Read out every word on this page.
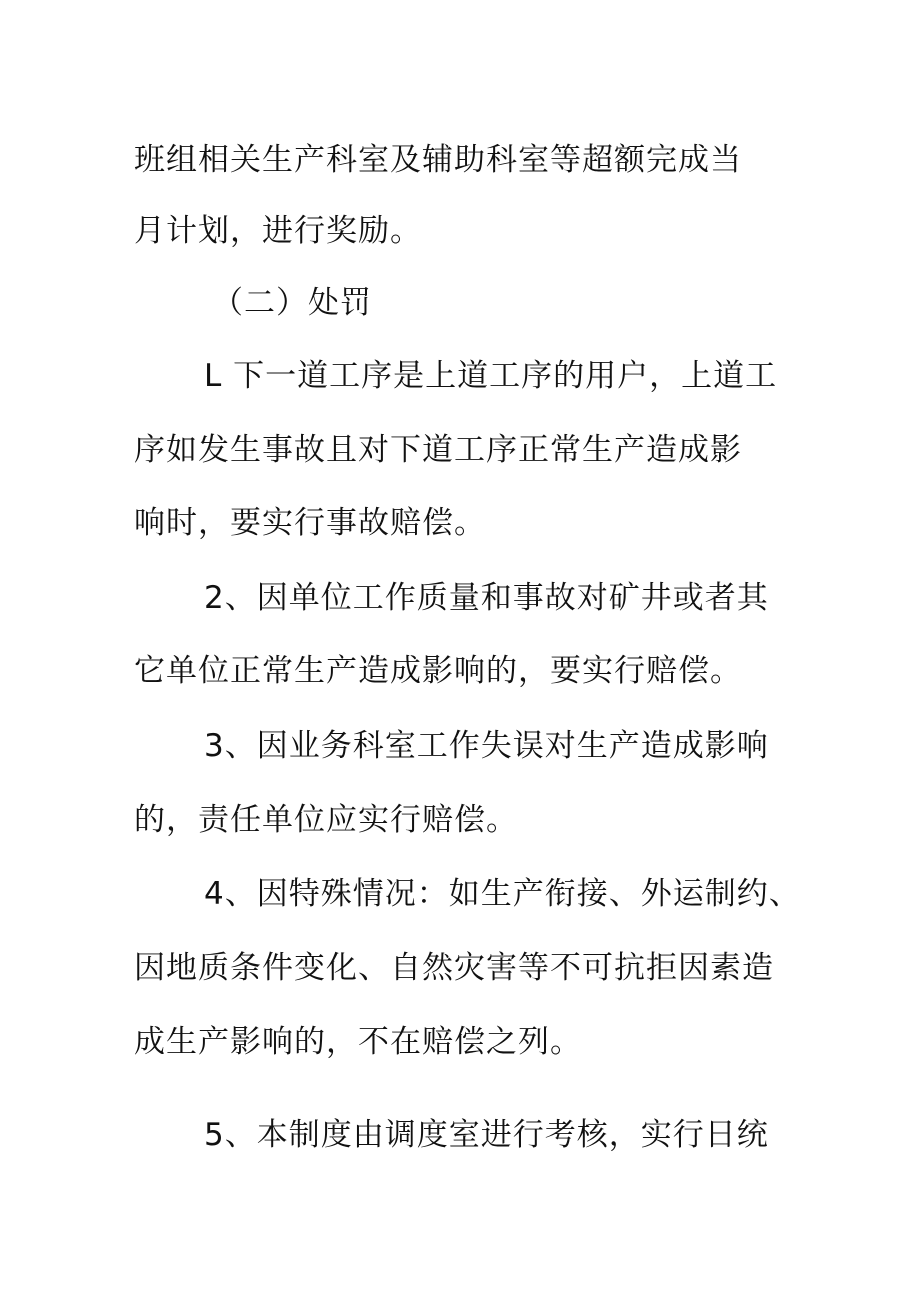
班组相关生产科室及辅助科室等超额完成当
月计划，进行奖励。
（二）处罚
L 下一道工序是上道工序的用户，上道工
序如发生事故且对下道工序正常生产造成影
响时，要实行事故赔偿。
2、因单位工作质量和事故对矿井或者其
它单位正常生产造成影响的，要实行赔偿。
3、因业务科室工作失误对生产造成影响
的，责任单位应实行赔偿。
4、因特殊情况：如生产衔接、外运制约、
因地质条件变化、自然灾害等不可抗拒因素造
成生产影响的，不在赔偿之列。
5、本制度由调度室进行考核，实行日统
